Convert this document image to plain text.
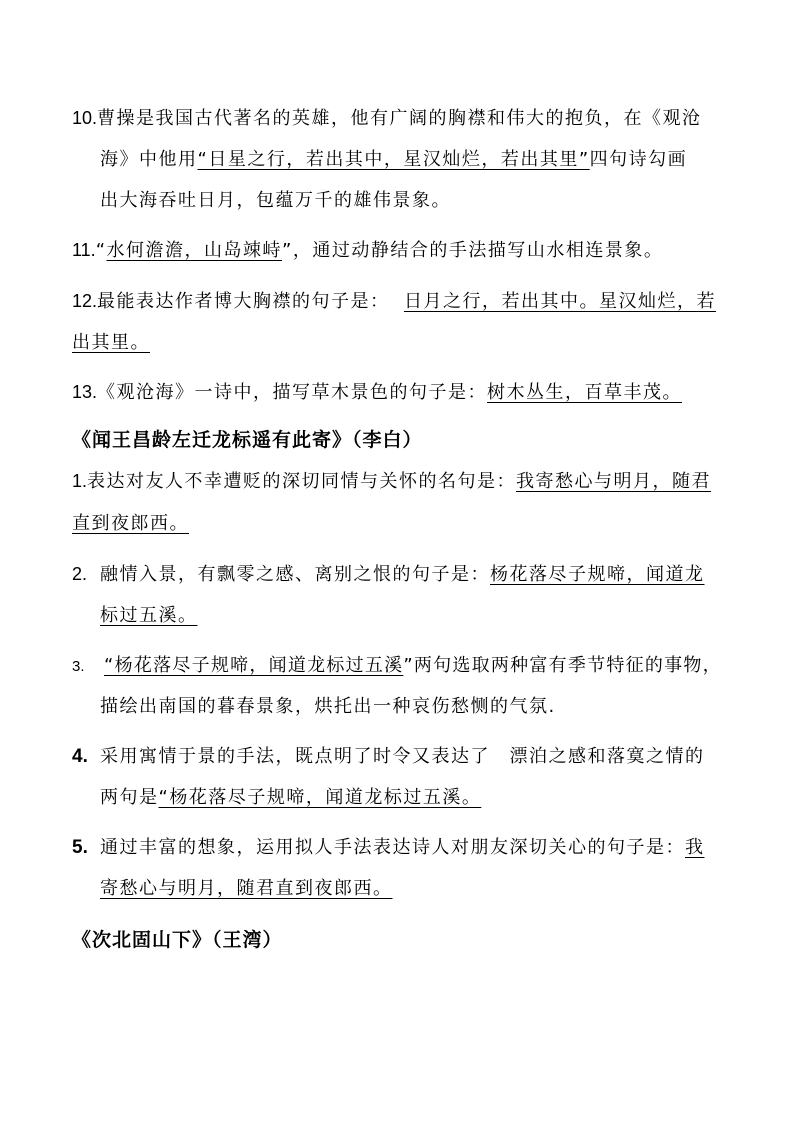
10.曹操是我国古代著名的英雄，他有广阔的胸襟和伟大的抱负，在《观沧
海》中他用“日星之行，若出其中，星汉灿烂，若出其里”四句诗勾画
出大海吞吐日月，包蕴万千的雄伟景象。
11.“水何澹澹，山岛竦峙”，通过动静结合的手法描写山水相连景象。
12.最能表达作者博大胸襟的句子是： 日月之行，若出其中。星汉灿烂，若
出其里。
13.《观沧海》一诗中，描写草木景色的句子是：树木丛生，百草丰茂。
《闻王昌龄左迁龙标遥有此寄》（李白）
1.表达对友人不幸遭贬的深切同情与关怀的名句是：我寄愁心与明月，随君
直到夜郎西。
2. 融情入景，有飘零之感、离别之恨的句子是：杨花落尽子规啼，闻道龙
标过五溪。
3. “杨花落尽子规啼，闻道龙标过五溪”两句选取两种富有季节特征的事物，
描绘出南国的暮春景象，烘托出一种哀伤愁恻的气氛.
4. 采用寓情于景的手法，既点明了时令又表达了　漂泊之感和落寞之情的
两句是“杨花落尽子规啼，闻道龙标过五溪。
5. 通过丰富的想象，运用拟人手法表达诗人对朋友深切关心的句子是：我
寄愁心与明月，随君直到夜郎西。
《次北固山下》（王湾）
